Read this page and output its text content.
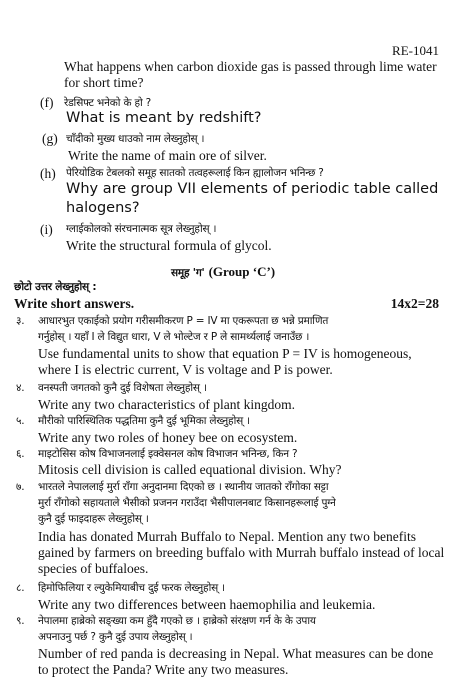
RE-1041
What happens when carbon dioxide gas is passed through lime water for short time?
(f) रेडसिफ्ट भनेको के हो ?
What is meant by redshift?
(g) चाँदीको मुख्य धाउको नाम लेख्नुहोस् ।
Write the name of main ore of silver.
(h) पेरियोडिक टेबलको समूह सातको तत्वहरूलाई किन ह्यालोजन भनिन्छ ?
Why are group VII elements of periodic table called
halogens?
(i) ग्लाईकोलको संरचनात्मक सूत्र लेख्नुहोस् ।
Write the structural formula of glycol.
समूह 'ग' (Group ‘C’)
छोटो उत्तर लेख्नुहोस् :
Write short answers.	14x2=28
३. आधारभुत एकाईको प्रयोग गरीसमीकरण P = IV मा एकरूपता छ भन्ने प्रमाणित
गर्नुहोस् । यहाँ I ले विद्युत धारा, V ले भोल्टेज र P ले सामर्थ्यलाई जनाउँछ ।
Use fundamental units to show that equation P = IV is homogeneous, where I is electric current, V is voltage and P is power.
४. वनस्पती जगतको कुनै दुई विशेषता लेख्नुहोस् ।
Write any two characteristics of plant kingdom.
५. मौरीको पारिस्थितिक पद्धतिमा कुनै दुई भूमिका लेख्नुहोस् ।
Write any two roles of honey bee on ecosystem.
६. माइटोसिस कोष विभाजनलाई इक्वेसनल कोष विभाजन भनिन्छ, किन ?
Mitosis cell division is called equational division. Why?
७. भारतले नेपाललाई मुर्रा राँगा अनुदानमा दिएको छ । स्थानीय जातको राँगोका सट्टा
मुर्रा राँगोको सहायताले भैसीको प्रजनन गराउँदा भैसीपालनबाट किसानहरूलाई पुग्ने
कुनै दुई फाइदाहरू लेख्नुहोस् ।
India has donated Murrah Buffalo to Nepal. Mention any two benefits gained by farmers on breeding buffalo with Murrah buffalo instead of local species of buffaloes.
८. हिमोफिलिया र ल्युकेमियाबीच दुई फरक लेख्नुहोस् ।
Write any two differences between haemophilia and leukemia.
९. नेपालमा हाब्रेको सङ्ख्या कम हुँदै गएको छ । हाब्रेको संरक्षण गर्न के के उपाय
अपनाउनु पर्छ ? कुनै दुई उपाय लेख्नुहोस् ।
Number of red panda is decreasing in Nepal. What measures can be done to protect the Panda? Write any two measures.
